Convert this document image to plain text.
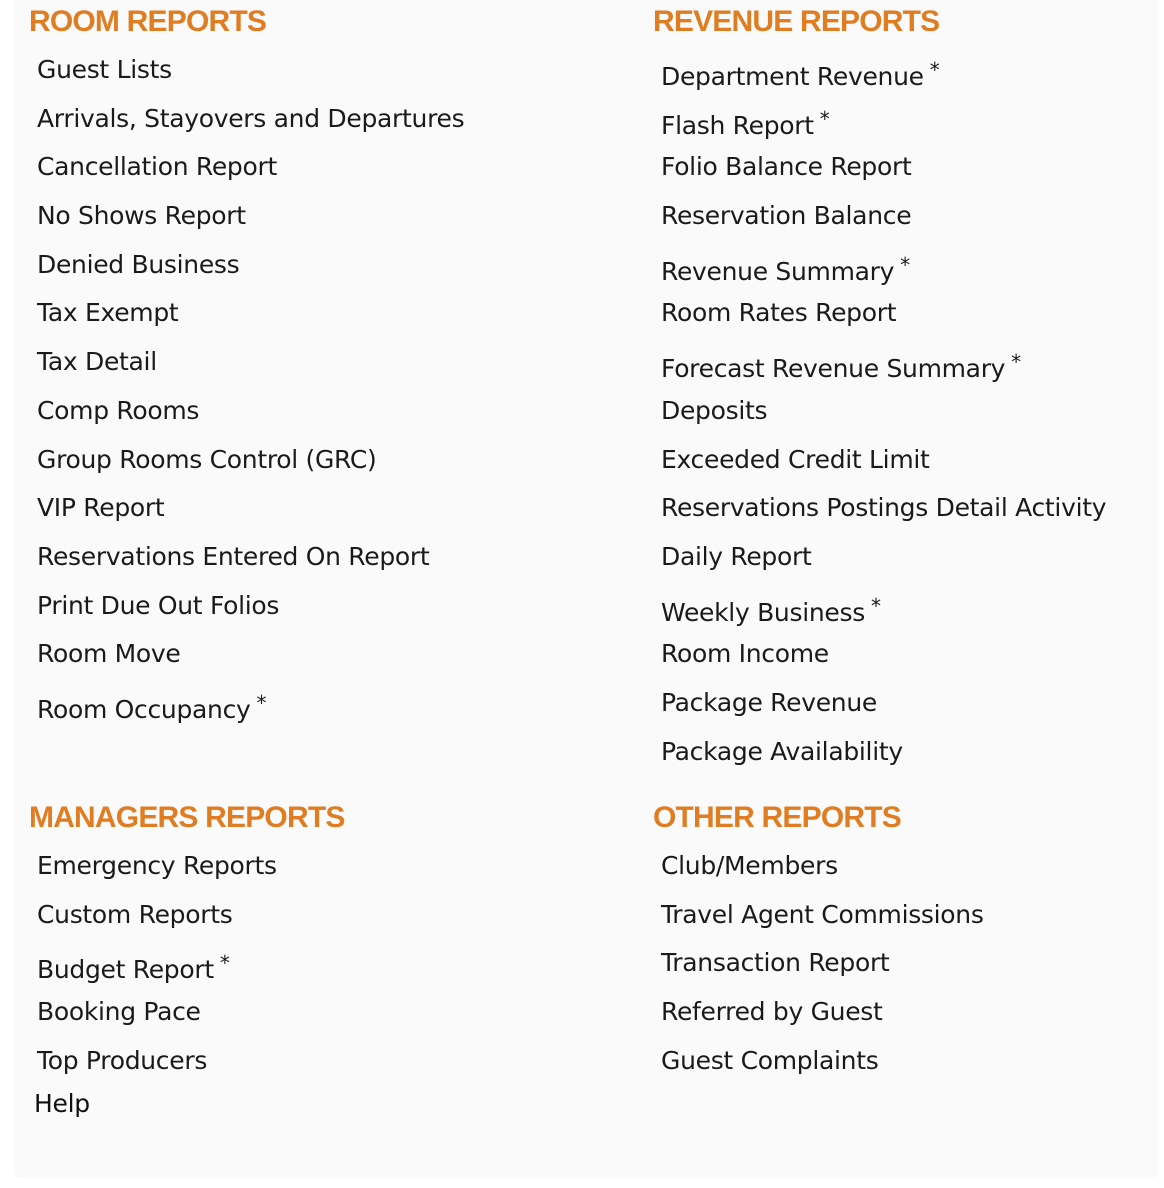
ROOM REPORTS
Guest Lists
Arrivals, Stayovers and Departures
Cancellation Report
No Shows Report
Denied Business
Tax Exempt
Tax Detail
Comp Rooms
Group Rooms Control (GRC)
VIP Report
Reservations Entered On Report
Print Due Out Folios
Room Move
Room Occupancy *
REVENUE REPORTS
Department Revenue *
Flash Report *
Folio Balance Report
Reservation Balance
Revenue Summary *
Room Rates Report
Forecast Revenue Summary *
Deposits
Exceeded Credit Limit
Reservations Postings Detail Activity
Daily Report
Weekly Business *
Room Income
Package Revenue
Package Availability
MANAGERS REPORTS
Emergency Reports
Custom Reports
Budget Report *
Booking Pace
Top Producers
OTHER REPORTS
Club/Members
Travel Agent Commissions
Transaction Report
Referred by Guest
Guest Complaints
Help
